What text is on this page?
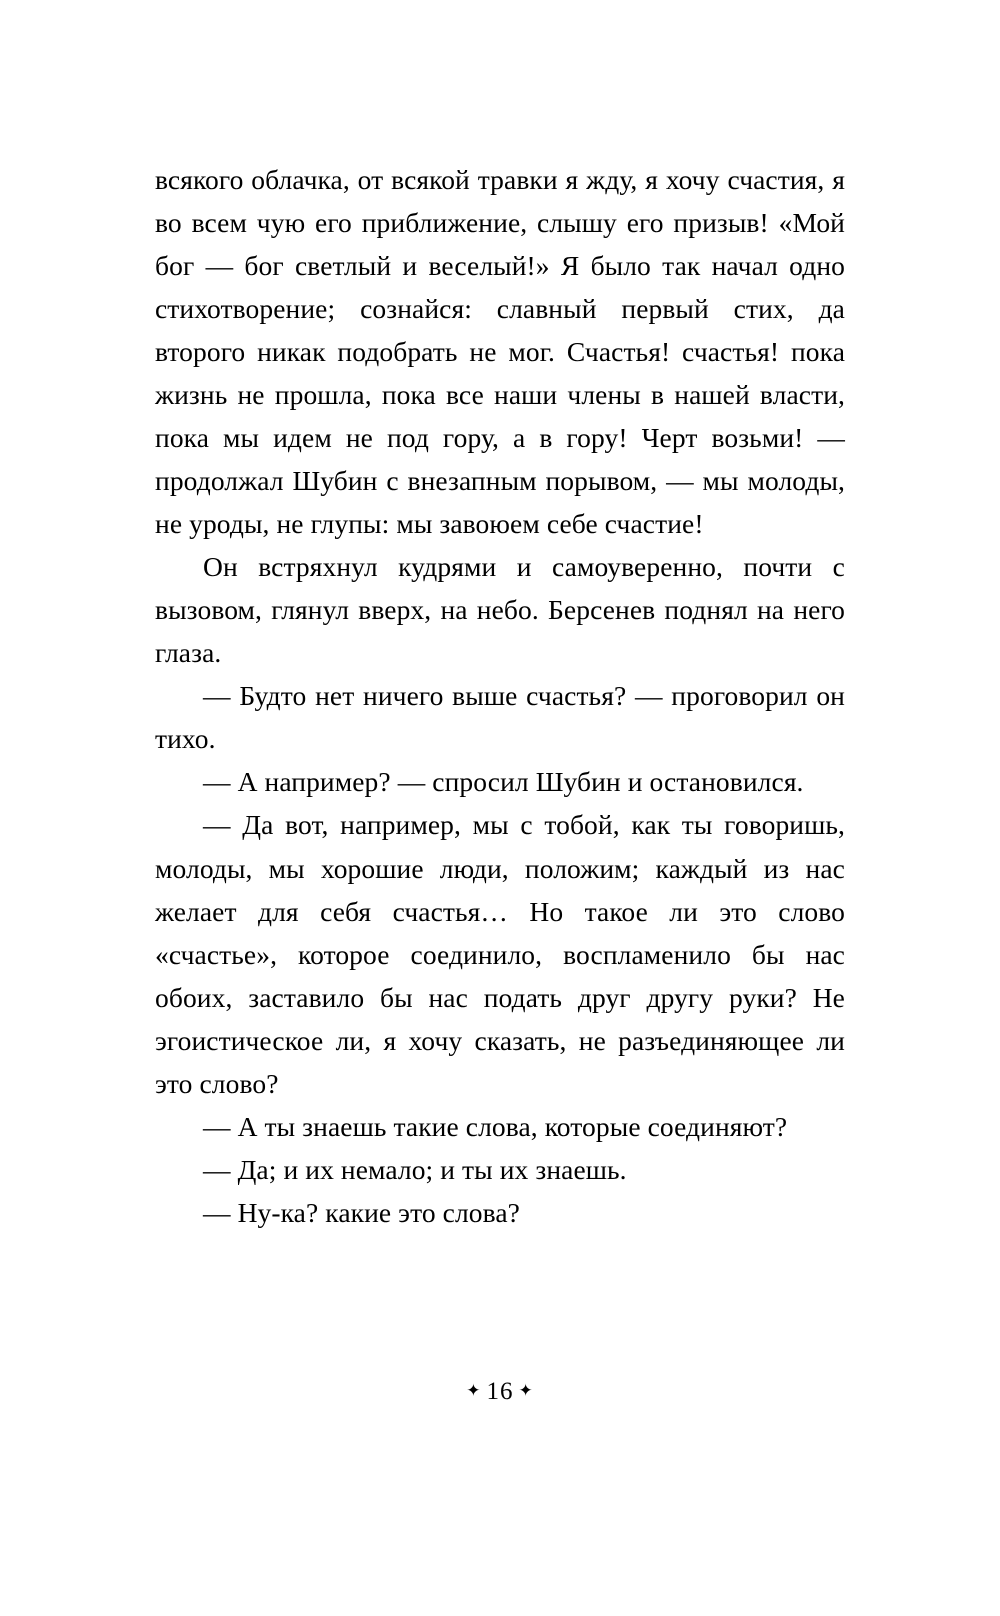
всякого облачка, от всякой травки я жду, я хочу счастия, я во всем чую его приближение, слышу его призыв! «Мой бог — бог светлый и веселый!» Я было так начал одно стихотворение; сознайся: славный первый стих, да второго никак подобрать не мог. Счастья! счастья! пока жизнь не прошла, пока все наши члены в нашей власти, пока мы идем не под гору, а в гору! Черт возьми! — продолжал Шубин с внезапным порывом, — мы молоды, не уроды, не глупы: мы завоюем себе счастие!

Он встряхнул кудрями и самоуверенно, почти с вызовом, глянул вверх, на небо. Берсенев поднял на него глаза.

— Будто нет ничего выше счастья? — проговорил он тихо.

— А например? — спросил Шубин и остановился.

— Да вот, например, мы с тобой, как ты говоришь, молоды, мы хорошие люди, положим; каждый из нас желает для себя счастья… Но такое ли это слово «счастье», которое соединило, воспламенило бы нас обоих, заставило бы нас подать друг другу руки? Не эгоистическое ли, я хочу сказать, не разъединяющее ли это слово?

— А ты знаешь такие слова, которые соединяют?

— Да; и их немало; и ты их знаешь.

— Ну-ка? какие это слова?

✦ 16 ✦
